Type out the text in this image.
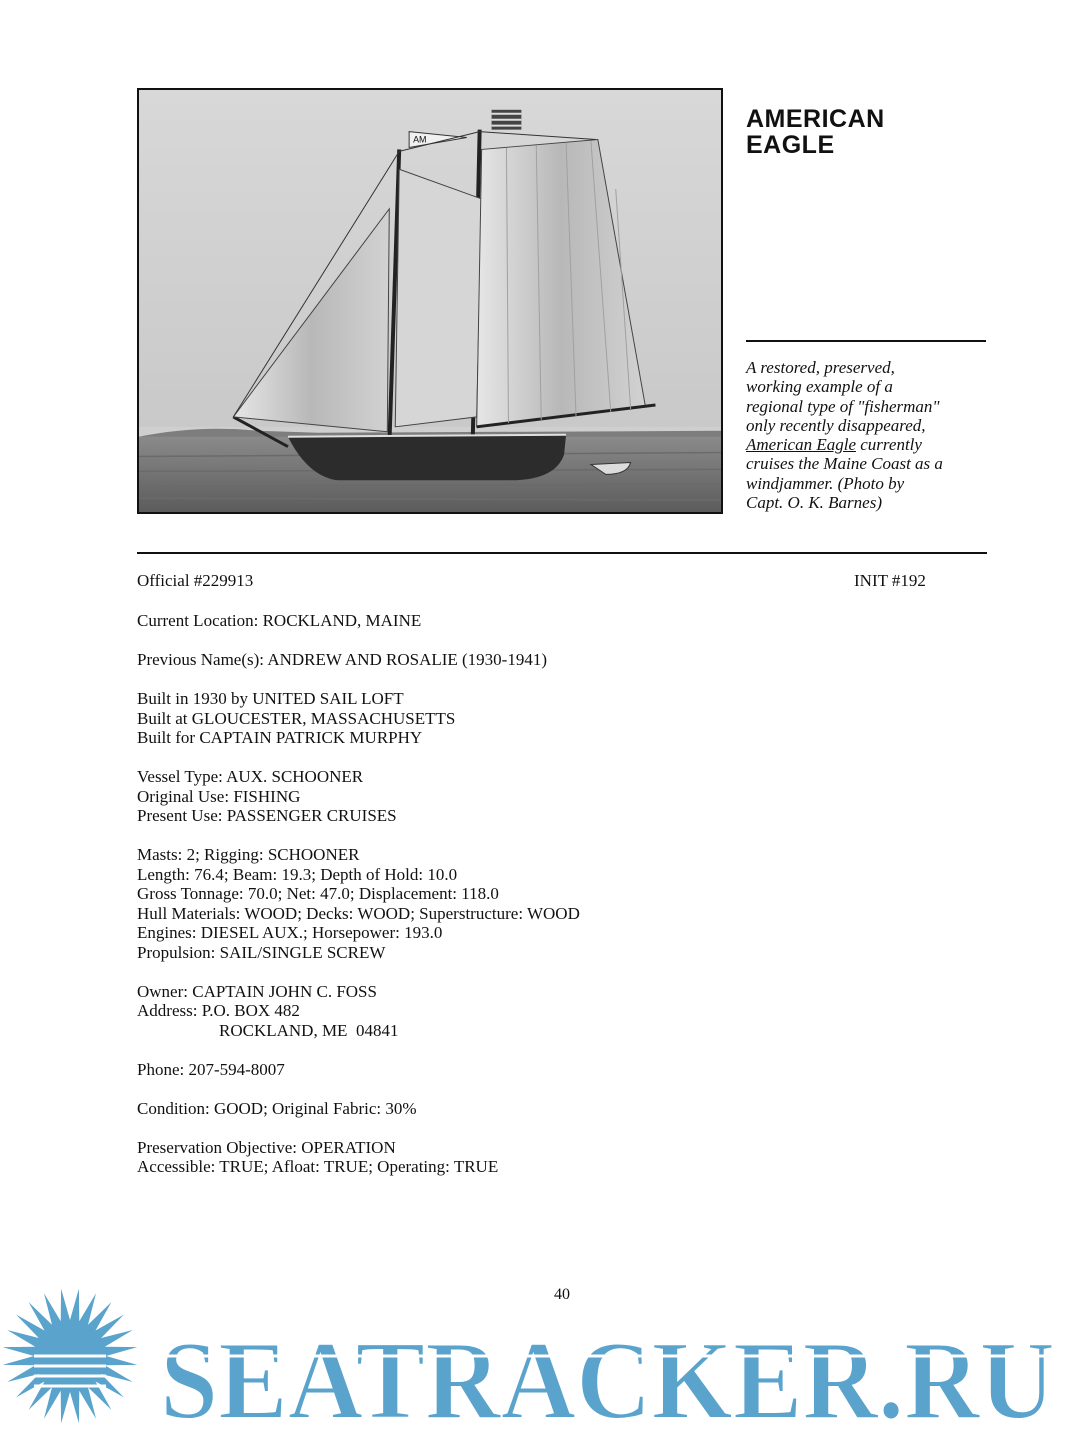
AM
AMERICAN
EAGLE
A restored, preserved,
working example of a
regional type of "fisherman"
only recently disappeared,
American Eagle currently
cruises the Maine Coast as a
windjammer. (Photo by
Capt. O. K. Barnes)
Official #229913	INIT #192

Current Location: ROCKLAND, MAINE

Previous Name(s): ANDREW AND ROSALIE (1930-1941)

Built in 1930 by UNITED SAIL LOFT
Built at GLOUCESTER, MASSACHUSETTS
Built for CAPTAIN PATRICK MURPHY

Vessel Type: AUX. SCHOONER
Original Use: FISHING
Present Use: PASSENGER CRUISES

Masts: 2; Rigging: SCHOONER
Length: 76.4; Beam: 19.3; Depth of Hold: 10.0
Gross Tonnage: 70.0; Net: 47.0; Displacement: 118.0
Hull Materials: WOOD; Decks: WOOD; Superstructure: WOOD
Engines: DIESEL AUX.; Horsepower: 193.0
Propulsion: SAIL/SINGLE SCREW

Owner: CAPTAIN JOHN C. FOSS
Address: P.O. BOX 482
ROCKLAND, ME  04841

Phone: 207-594-8007

Condition: GOOD; Original Fabric: 30%

Preservation Objective: OPERATION
Accessible: TRUE; Afloat: TRUE; Operating: TRUE

SEATRACKER.RU
40
